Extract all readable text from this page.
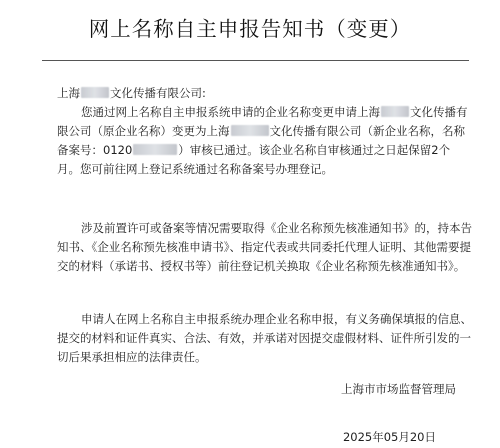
网上名称自主申报告知书（变更）
上海	文化传播有限公司:
您通过网上名称自主申报系统申请的企业名称变更申请上海	文化传播有限公司（原企业名称）变更为上海	文化传播有限公司（新企业名称，名称备案号：0120	）审核已通过。该企业名称自审核通过之日起保留2个月。您可前往网上登记系统通过名称备案号办理登记。
涉及前置许可或备案等情况需要取得《企业名称预先核准通知书》的，持本告知书、《企业名称预先核准申请书》、指定代表或共同委托代理人证明、其他需要提交的材料（承诺书、授权书等）前往登记机关换取《企业名称预先核准通知书》。
申请人在网上名称自主申报系统办理企业名称申报，有义务确保填报的信息、提交的材料和证件真实、合法、有效，并承诺对因提交虚假材料、证件所引发的一切后果承担相应的法律责任。
上海市市场监督管理局
2025年05月20日
